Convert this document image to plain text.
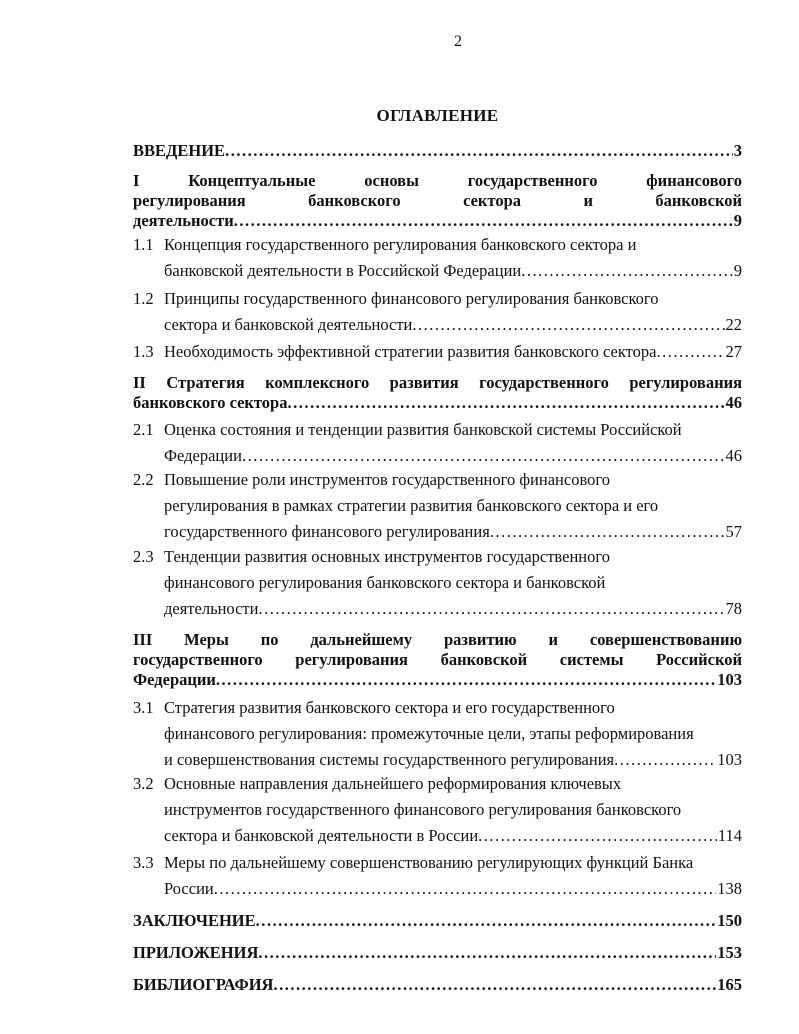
2
ОГЛАВЛЕНИЕ
ВВЕДЕНИЕ .....	3
I	Концептуальные	основы	государственного	финансового
регулирования	банковского	сектора	и	банковской
деятельности .....	9
1.1 Концепция государственного регулирования банковского сектора и
банковской деятельности в Российской Федерации .....	9
1.2 Принципы государственного финансового регулирования банковского
сектора и банковской деятельности .....	22
1.3 Необходимость эффективной стратегии развития банковского сектора .....	27
II Стратегия комплексного развития государственного регулирования
банковского сектора .....	46
2.1 Оценка состояния и тенденции развития банковской системы Российской
Федерации .....	46
2.2 Повышение роли инструментов государственного финансового
регулирования в рамках стратегии развития банковского сектора и его
государственного финансового регулирования .....	57
2.3 Тенденции развития основных инструментов государственного
финансового регулирования банковского сектора и банковской
деятельности .....	78
III Меры по дальнейшему развитию и совершенствованию
государственного регулирования банковской системы Российской
Федерации .....	103
3.1 Стратегия развития банковского сектора и его государственного
финансового регулирования: промежуточные цели, этапы реформирования
и совершенствования системы государственного регулирования .....	103
3.2 Основные направления дальнейшего реформирования ключевых
инструментов государственного финансового регулирования банковского
сектора и банковской деятельности в России .....	114
3.3 Меры по дальнейшему совершенствованию регулирующих функций Банка
России .....	138
ЗАКЛЮЧЕНИЕ .....	150
ПРИЛОЖЕНИЯ .....	153
БИБЛИОГРАФИЯ .....	165
